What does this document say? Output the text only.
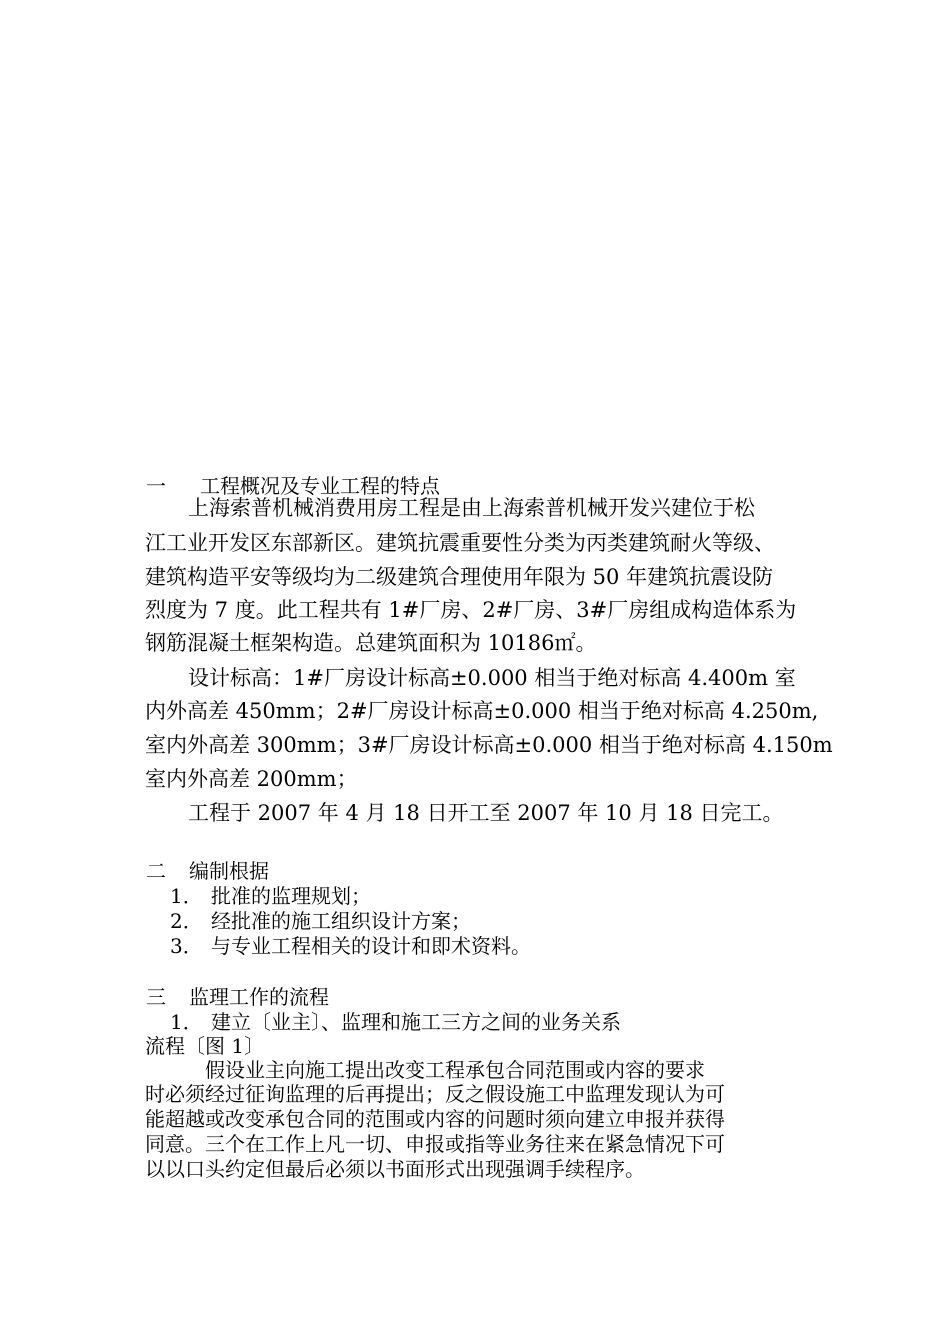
一 工程概况及专业工程的特点
上海索普机械消费用房工程是由上海索普机械开发兴建位于松
江工业开发区东部新区。建筑抗震重要性分类为丙类建筑耐火等级、
建筑构造平安等级均为二级建筑合理使用年限为 50 年建筑抗震设防
烈度为 7 度。此工程共有 1#厂房、2#厂房、3#厂房组成构造体系为
钢筋混凝土框架构造。总建筑面积为 10186㎡。
设计标高：1#厂房设计标高±0.000 相当于绝对标高 4.400m 室
内外高差 450mm；2#厂房设计标高±0.000 相当于绝对标高 4.250m,
室内外高差 300mm；3#厂房设计标高±0.000 相当于绝对标高 4.150m
室内外高差 200mm；
工程于 2007 年 4 月 18 日开工至 2007 年 10 月 18 日完工。
二 编制根据
1． 批准的监理规划；
2． 经批准的施工组织设计方案；
3． 与专业工程相关的设计和即术资料。
三 监理工作的流程
1． 建立〔业主〕、监理和施工三方之间的业务关系
流程〔图 1〕
假设业主向施工提出改变工程承包合同范围或内容的要求
时必须经过征询监理的后再提出；反之假设施工中监理发现认为可
能超越或改变承包合同的范围或内容的问题时须向建立申报并获得
同意。三个在工作上凡一切、申报或指等业务往来在紧急情况下可
以以口头约定但最后必须以书面形式出现强调手续程序。
